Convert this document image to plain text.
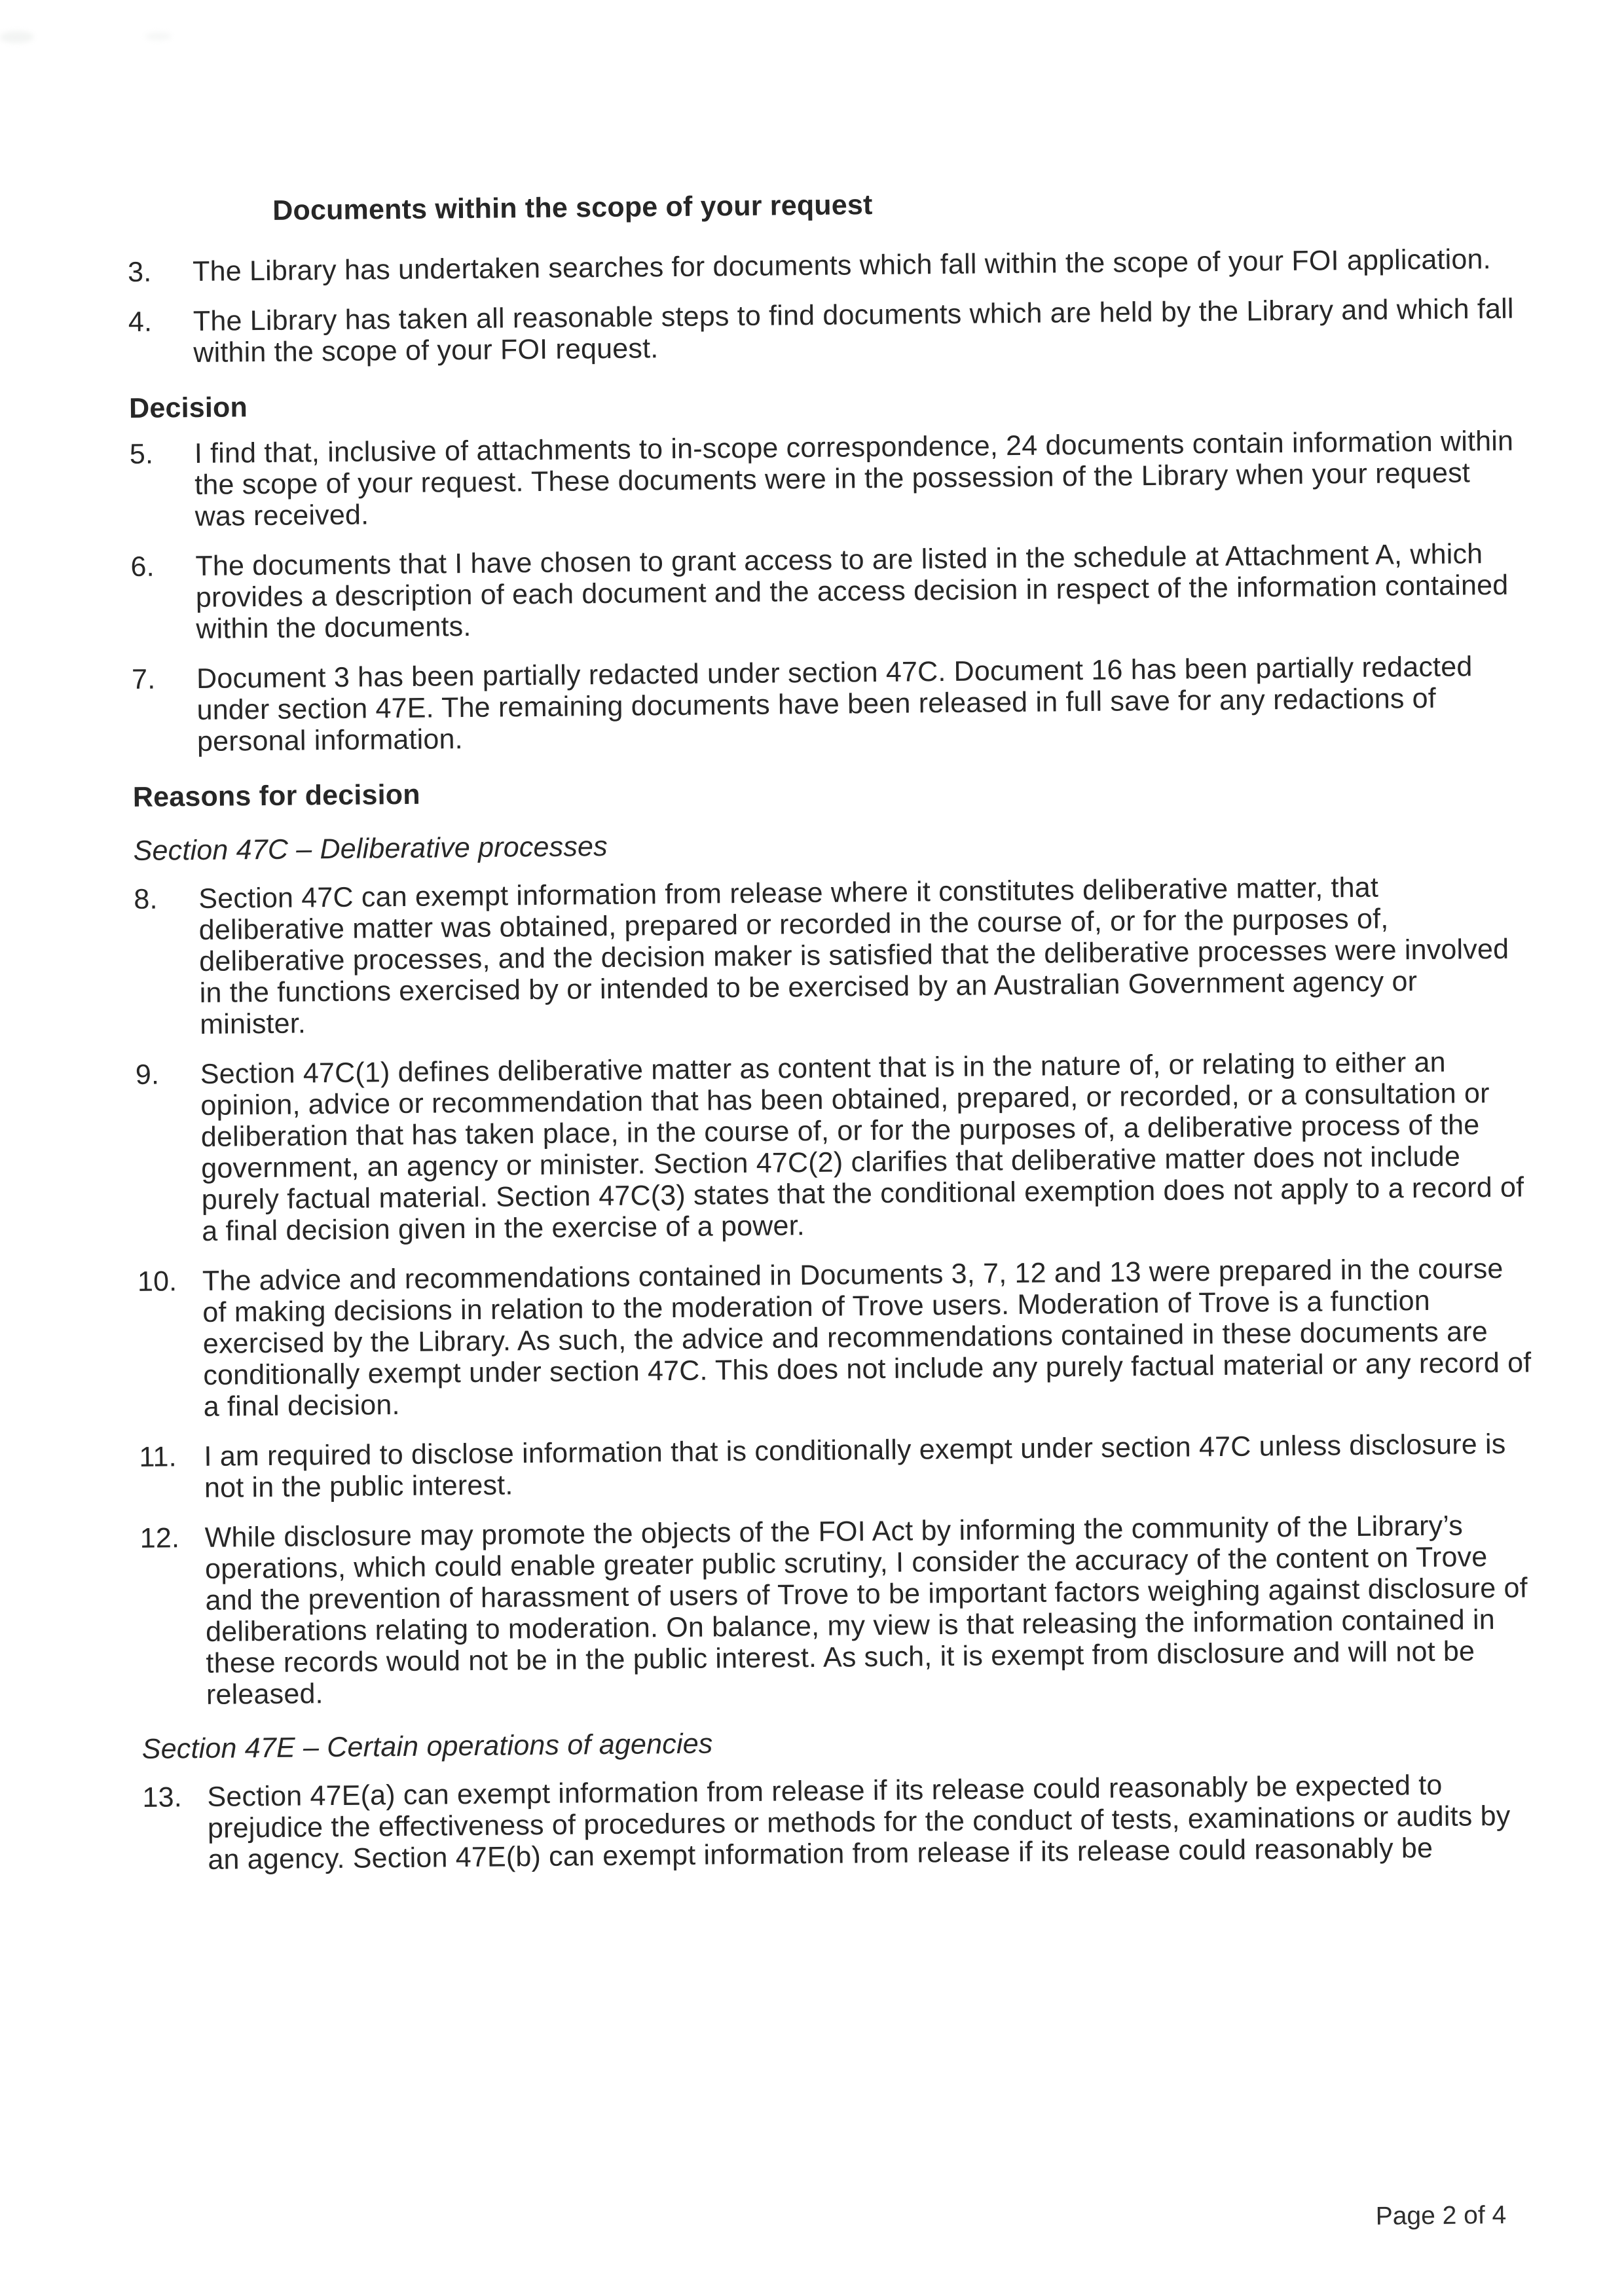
Documents within the scope of your request
3.	The Library has undertaken searches for documents which fall within the scope of your FOI application.
4.	The Library has taken all reasonable steps to find documents which are held by the Library and which fall within the scope of your FOI request.
Decision
5.	I find that, inclusive of attachments to in-scope correspondence, 24 documents contain information within the scope of your request. These documents were in the possession of the Library when your request was received.
6.	The documents that I have chosen to grant access to are listed in the schedule at Attachment A, which provides a description of each document and the access decision in respect of the information contained within the documents.
7.	Document 3 has been partially redacted under section 47C. Document 16 has been partially redacted under section 47E. The remaining documents have been released in full save for any redactions of personal information.
Reasons for decision
Section 47C – Deliberative processes
8.	Section 47C can exempt information from release where it constitutes deliberative matter, that deliberative matter was obtained, prepared or recorded in the course of, or for the purposes of, deliberative processes, and the decision maker is satisfied that the deliberative processes were involved in the functions exercised by or intended to be exercised by an Australian Government agency or minister.
9.	Section 47C(1) defines deliberative matter as content that is in the nature of, or relating to either an opinion, advice or recommendation that has been obtained, prepared, or recorded, or a consultation or deliberation that has taken place, in the course of, or for the purposes of, a deliberative process of the government, an agency or minister. Section 47C(2) clarifies that deliberative matter does not include purely factual material. Section 47C(3) states that the conditional exemption does not apply to a record of a final decision given in the exercise of a power.
10. The advice and recommendations contained in Documents 3, 7, 12 and 13 were prepared in the course of making decisions in relation to the moderation of Trove users. Moderation of Trove is a function exercised by the Library. As such, the advice and recommendations contained in these documents are conditionally exempt under section 47C. This does not include any purely factual material or any record of a final decision.
11. I am required to disclose information that is conditionally exempt under section 47C unless disclosure is not in the public interest.
12. While disclosure may promote the objects of the FOI Act by informing the community of the Library’s operations, which could enable greater public scrutiny, I consider the accuracy of the content on Trove and the prevention of harassment of users of Trove to be important factors weighing against disclosure of deliberations relating to moderation. On balance, my view is that releasing the information contained in these records would not be in the public interest. As such, it is exempt from disclosure and will not be released.
Section 47E – Certain operations of agencies
13. Section 47E(a) can exempt information from release if its release could reasonably be expected to prejudice the effectiveness of procedures or methods for the conduct of tests, examinations or audits by an agency. Section 47E(b) can exempt information from release if its release could reasonably be
Page 2 of 4
